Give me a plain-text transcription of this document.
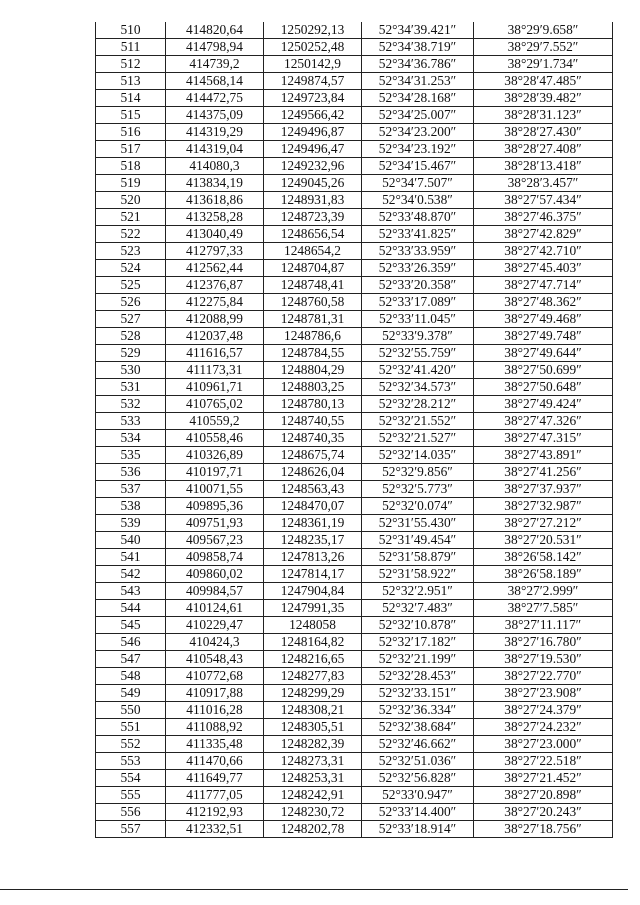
510	414820,64	1250292,13	52°34′39.421″	38°29′9.658″
511	414798,94	1250252,48	52°34′38.719″	38°29′7.552″
512	414739,2	1250142,9	52°34′36.786″	38°29′1.734″
513	414568,14	1249874,57	52°34′31.253″	38°28′47.485″
514	414472,75	1249723,84	52°34′28.168″	38°28′39.482″
515	414375,09	1249566,42	52°34′25.007″	38°28′31.123″
516	414319,29	1249496,87	52°34′23.200″	38°28′27.430″
517	414319,04	1249496,47	52°34′23.192″	38°28′27.408″
518	414080,3	1249232,96	52°34′15.467″	38°28′13.418″
519	413834,19	1249045,26	52°34′7.507″	38°28′3.457″
520	413618,86	1248931,83	52°34′0.538″	38°27′57.434″
521	413258,28	1248723,39	52°33′48.870″	38°27′46.375″
522	413040,49	1248656,54	52°33′41.825″	38°27′42.829″
523	412797,33	1248654,2	52°33′33.959″	38°27′42.710″
524	412562,44	1248704,87	52°33′26.359″	38°27′45.403″
525	412376,87	1248748,41	52°33′20.358″	38°27′47.714″
526	412275,84	1248760,58	52°33′17.089″	38°27′48.362″
527	412088,99	1248781,31	52°33′11.045″	38°27′49.468″
528	412037,48	1248786,6	52°33′9.378″	38°27′49.748″
529	411616,57	1248784,55	52°32′55.759″	38°27′49.644″
530	411173,31	1248804,29	52°32′41.420″	38°27′50.699″
531	410961,71	1248803,25	52°32′34.573″	38°27′50.648″
532	410765,02	1248780,13	52°32′28.212″	38°27′49.424″
533	410559,2	1248740,55	52°32′21.552″	38°27′47.326″
534	410558,46	1248740,35	52°32′21.527″	38°27′47.315″
535	410326,89	1248675,74	52°32′14.035″	38°27′43.891″
536	410197,71	1248626,04	52°32′9.856″	38°27′41.256″
537	410071,55	1248563,43	52°32′5.773″	38°27′37.937″
538	409895,36	1248470,07	52°32′0.074″	38°27′32.987″
539	409751,93	1248361,19	52°31′55.430″	38°27′27.212″
540	409567,23	1248235,17	52°31′49.454″	38°27′20.531″
541	409858,74	1247813,26	52°31′58.879″	38°26′58.142″
542	409860,02	1247814,17	52°31′58.922″	38°26′58.189″
543	409984,57	1247904,84	52°32′2.951″	38°27′2.999″
544	410124,61	1247991,35	52°32′7.483″	38°27′7.585″
545	410229,47	1248058	52°32′10.878″	38°27′11.117″
546	410424,3	1248164,82	52°32′17.182″	38°27′16.780″
547	410548,43	1248216,65	52°32′21.199″	38°27′19.530″
548	410772,68	1248277,83	52°32′28.453″	38°27′22.770″
549	410917,88	1248299,29	52°32′33.151″	38°27′23.908″
550	411016,28	1248308,21	52°32′36.334″	38°27′24.379″
551	411088,92	1248305,51	52°32′38.684″	38°27′24.232″
552	411335,48	1248282,39	52°32′46.662″	38°27′23.000″
553	411470,66	1248273,31	52°32′51.036″	38°27′22.518″
554	411649,77	1248253,31	52°32′56.828″	38°27′21.452″
555	411777,05	1248242,91	52°33′0.947″	38°27′20.898″
556	412192,93	1248230,72	52°33′14.400″	38°27′20.243″
557	412332,51	1248202,78	52°33′18.914″	38°27′18.756″
